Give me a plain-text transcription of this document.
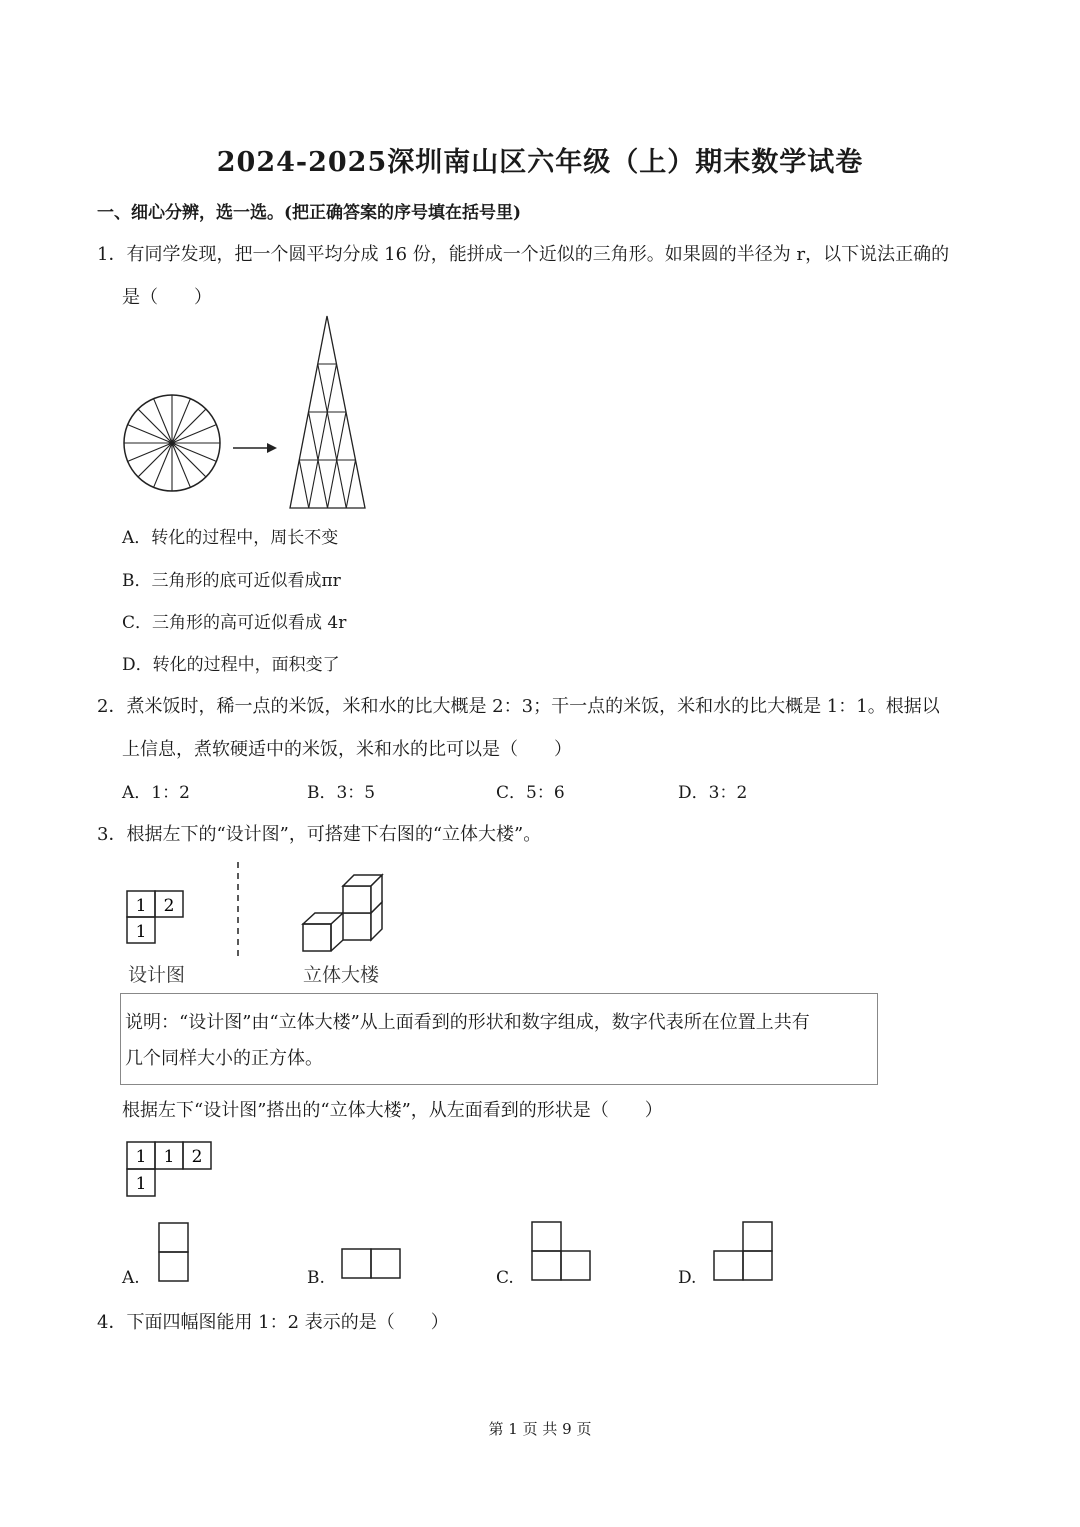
2024-2025深圳南山区六年级（上）期末数学试卷
一、细心分辨，选一选。(把正确答案的序号填在括号里)
1．有同学发现，把一个圆平均分成 16 份，能拼成一个近似的三角形。如果圆的半径为 r，以下说法正确的
是（　　）
A．转化的过程中，周长不变
B．三角形的底可近似看成πr
C．三角形的高可近似看成 4r
D．转化的过程中，面积变了
2．煮米饭时，稀一点的米饭，米和水的比大概是 2：3；干一点的米饭，米和水的比大概是 1：1。根据以
上信息，煮软硬适中的米饭，米和水的比可以是（　　）
A．1：2	B．3：5	C．5：6	D．3：2
3．根据左下的“设计图”，可搭建下右图的“立体大楼”。
1 2
1
设计图	立体大楼
说明：“设计图”由“立体大楼”从上面看到的形状和数字组成，数字代表所在位置上共有
几个同样大小的正方体。
根据左下“设计图”搭出的“立体大楼”，从左面看到的形状是（　　）
1 1 2
1
A.	B.	C.	D.
4．下面四幅图能用 1：2 表示的是（　　）
第 1 页 共 9 页
